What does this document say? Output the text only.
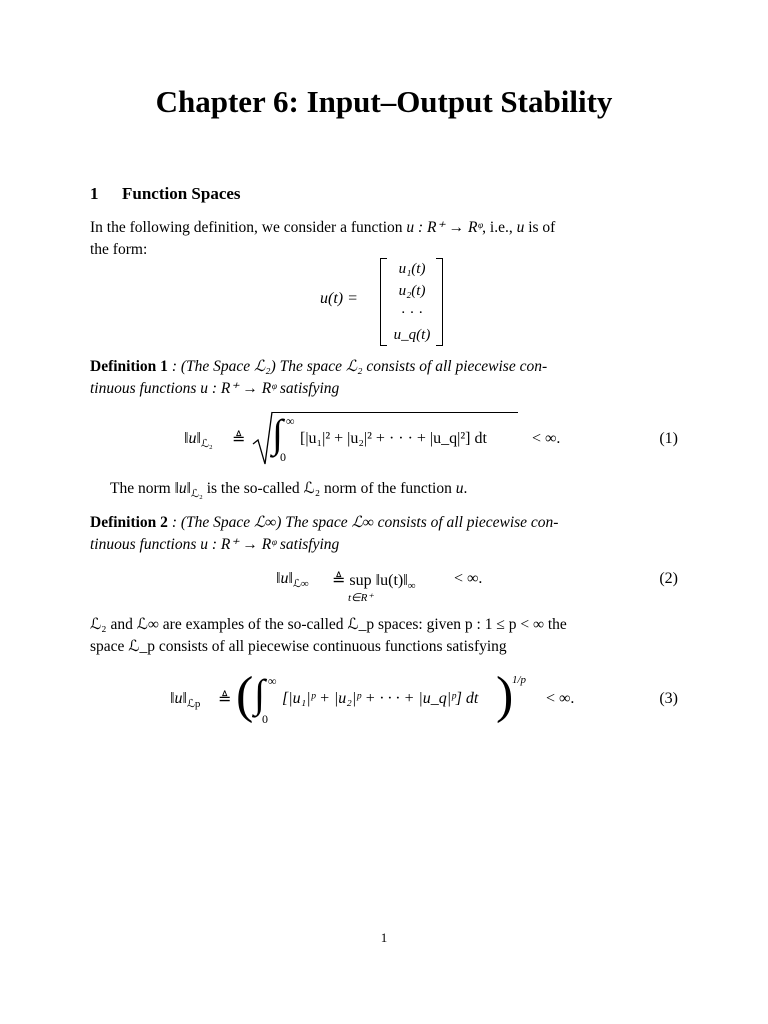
Chapter 6: Input–Output Stability
1 Function Spaces
In the following definition, we consider a function u : R⁺ → Rᵠ, i.e., u is of
the form:
u(t) =
u₁(t)
u₂(t)
· · ·
u_q(t)
Definition 1 : (The Space ℒ₂) The space ℒ₂ consists of all piecewise con-
tinuous functions u : R⁺ → Rᵠ satisfying
$‖u‖_{ℒ_2}$ ≜ ∫ ∞
0
[|u₁|² + |u₂|² + · · · + |u_q|²] dt	< ∞.	(1)
The norm $‖u‖_{ℒ_2}$ is the so-called ℒ₂ norm of the function u.
Definition 2 : (The Space ℒ∞) The space ℒ∞ consists of all piecewise con-
tinuous functions u : R⁺ → Rᵠ satisfying
$‖u‖_{ℒ\infty}$ ≜ sup $‖u(t)‖_\infty$ < ∞.
t∈R⁺
(2)
ℒ₂ and ℒ∞ are examples of the so-called ℒ_p spaces: given p : 1 ≤ p < ∞ the
space ℒ_p consists of all piecewise continuous functions satisfying
$‖u‖_{ℒp}$ ≜ ( ∫ ∞
0
[|u₁|ᵖ + |u₂|ᵖ + · · · + |u_q|ᵖ] dt )
1/p
< ∞.	(3)
1
